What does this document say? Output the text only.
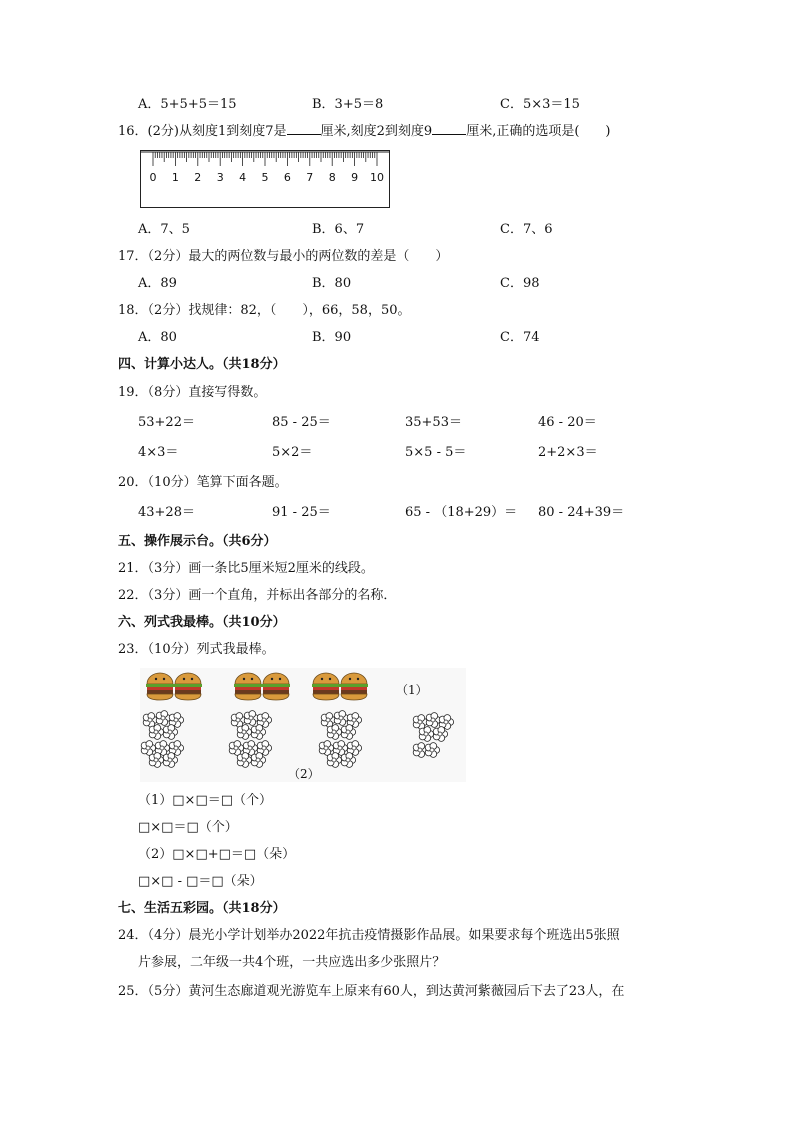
A．5+5+5＝15	B．3+5＝8	C．5×3＝15
16．(2分)从刻度1到刻度7是	厘米,刻度2到刻度9	厘米,正确的选项是(　　)
0 1 2 3 4 5 6 7 8 9 10
A．7、5	B．6、7	C．7、6
17．（2分）最大的两位数与最小的两位数的差是（　　）
A．89	B．80	C．98
18．（2分）找规律：82，（　　），66，58，50。
A．80	B．90	C．74
四、计算小达人。（共18分）
19．（8分）直接写得数。
53+22＝	85 - 25＝	35+53＝	46 - 20＝
4×3＝	5×2＝	5×5 - 5＝	2+2×3＝
20．（10分）笔算下面各题。
43+28＝	91 - 25＝	65 - （18+29）＝ 80 - 24+39＝
五、操作展示台。（共6分）
21．（3分）画一条比5厘米短2厘米的线段。
22．（3分）画一个直角，并标出各部分的名称．
六、列式我最棒。（共10分）
23．（10分）列式我最棒。
（1）
（2）
（1）□×□＝□（个）
□×□＝□（个）
（2）□×□+□＝□（朵）
□×□ - □＝□（朵）
七、生活五彩园。（共18分）
24．（4分）晨光小学计划举办2022年抗击疫情摄影作品展。如果要求每个班选出5张照
片参展，二年级一共4个班，一共应选出多少张照片？
25．（5分）黄河生态廊道观光游览车上原来有60人，到达黄河紫薇园后下去了23人，在
